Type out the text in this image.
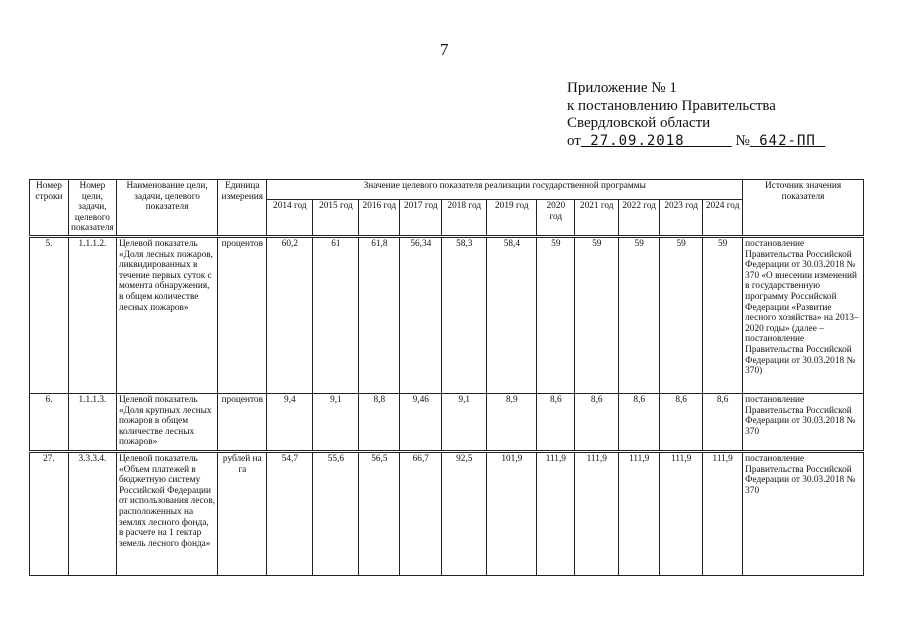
7
Приложение № 1
к постановлению Правительства
Свердловской области
от 27.09.2018	№ 642-ПП
Номер строки	Номер цели, задачи, целевого показателя	Наименование цели, задачи, целевого показателя	Единица измерения	Значение целевого показателя реализации государственной программы											Источник значения показателя
				2014 год	2015 год	2016 год	2017 год	2018 год	2019 год	2020 год	2021 год	2022 год	2023 год	2024 год	
5.	1.1.1.2.	Целевой показатель «Доля лесных пожаров, ликвидированных в течение первых суток с момента обнаружения, в общем количестве лесных пожаров»	процентов	60,2	61	61,8	56,34	58,3	58,4	59	59	59	59	59	постановление Правительства Российской Федерации от 30.03.2018 № 370 «О внесении изменений в государственную программу Российской Федерации «Развитие лесного хозяйства» на 2013–2020 годы» (далее – постановление Правительства Российской Федерации от 30.03.2018 № 370)
6.	1.1.1.3.	Целевой показатель «Доля крупных лесных пожаров в общем количестве лесных пожаров»	процентов	9,4	9,1	8,8	9,46	9,1	8,9	8,6	8,6	8,6	8,6	8,6	постановление Правительства Российской Федерации от 30.03.2018 № 370
27.	3.3.3.4.	Целевой показатель «Объем платежей в бюджетную систему Российской Федерации от использования лесов, расположенных на землях лесного фонда, в расчете на 1 гектар земель лесного фонда»	рублей на га	54,7	55,6	56,5	66,7	92,5	101,9	111,9	111,9	111,9	111,9	111,9	постановление Правительства Российской Федерации от 30.03.2018 № 370
